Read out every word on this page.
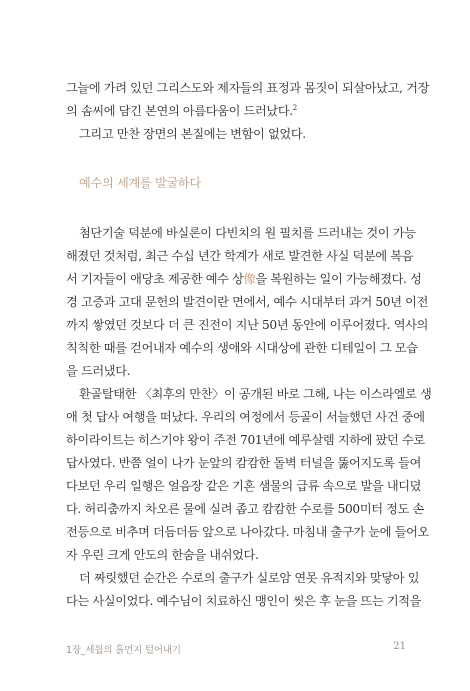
그늘에 가려 있던 그리스도와 제자들의 표정과 몸짓이 되살아났고, 거장
의 솜씨에 담긴 본연의 아름다움이 드러났다.$^2$
그리고 만찬 장면의 본질에는 변함이 없었다.
예수의 세계를 발굴하다
첨단기술 덕분에 바실론이 다빈치의 원 필치를 드러내는 것이 가능
해졌던 것처럼, 최근 수십 년간 학계가 새로 발견한 사실 덕분에 복음
서 기자들이 애당초 제공한 예수 상像을 복원하는 일이 가능해졌다. 성
경 고증과 고대 문헌의 발견이란 면에서, 예수 시대부터 과거 50년 이전
까지 쌓였던 것보다 더 큰 진전이 지난 50년 동안에 이루어졌다. 역사의
칙칙한 때를 걷어내자 예수의 생애와 시대상에 관한 디테일이 그 모습
을 드러냈다.
환골탈태한 〈최후의 만찬〉이 공개된 바로 그해, 나는 이스라엘로 생
애 첫 답사 여행을 떠났다. 우리의 여정에서 등골이 서늘했던 사건 중에
하이라이트는 히스기야 왕이 주전 701년에 예루살렘 지하에 팠던 수로
답사였다. 반쯤 얼이 나가 눈앞의 캄캄한 돌벽 터널을 뚫어지도록 들여
다보던 우리 일행은 얼음장 같은 기혼 샘물의 급류 속으로 발을 내디뎠
다. 허리춤까지 차오른 물에 실려 좁고 캄캄한 수로를 500미터 정도 손
전등으로 비추며 더듬더듬 앞으로 나아갔다. 마침내 출구가 눈에 들어오
자 우린 크게 안도의 한숨을 내쉬었다.
더 짜릿했던 순간은 수로의 출구가 실로암 연못 유적지와 맞닿아 있
다는 사실이었다. 예수님이 치료하신 맹인이 씻은 후 눈을 뜨는 기적을
1장_세월의 흙먼지 털어내기	21
